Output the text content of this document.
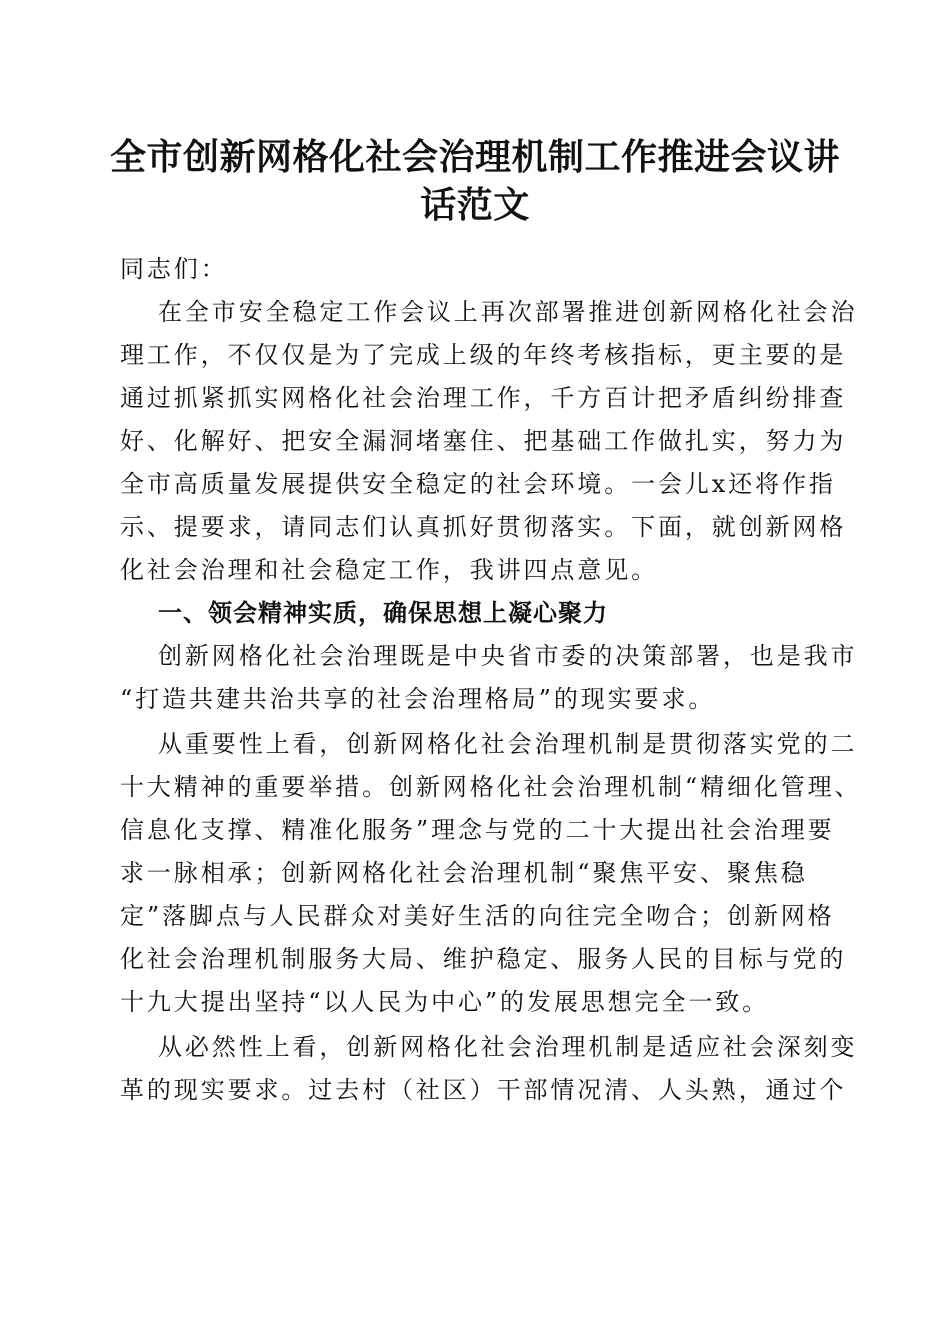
全市创新网格化社会治理机制工作推进会议讲话范文
同志们：
在全市安全稳定工作会议上再次部署推进创新网格化社会治
理工作，不仅仅是为了完成上级的年终考核指标，更主要的是
通过抓紧抓实网格化社会治理工作，千方百计把矛盾纠纷排查
好、化解好、把安全漏洞堵塞住、把基础工作做扎实，努力为
全市高质量发展提供安全稳定的社会环境。一会儿x还将作指
示、提要求，请同志们认真抓好贯彻落实。下面，就创新网格
化社会治理和社会稳定工作，我讲四点意见。
一、领会精神实质，确保思想上凝心聚力
创新网格化社会治理既是中央省市委的决策部署，也是我市
“打造共建共治共享的社会治理格局”的现实要求。
从重要性上看，创新网格化社会治理机制是贯彻落实党的二
十大精神的重要举措。创新网格化社会治理机制“精细化管理、
信息化支撑、精准化服务”理念与党的二十大提出社会治理要
求一脉相承；创新网格化社会治理机制“聚焦平安、聚焦稳
定”落脚点与人民群众对美好生活的向往完全吻合；创新网格
化社会治理机制服务大局、维护稳定、服务人民的目标与党的
十九大提出坚持“以人民为中心”的发展思想完全一致。
从必然性上看，创新网格化社会治理机制是适应社会深刻变
革的现实要求。过去村（社区）干部情况清、人头熟，通过个
